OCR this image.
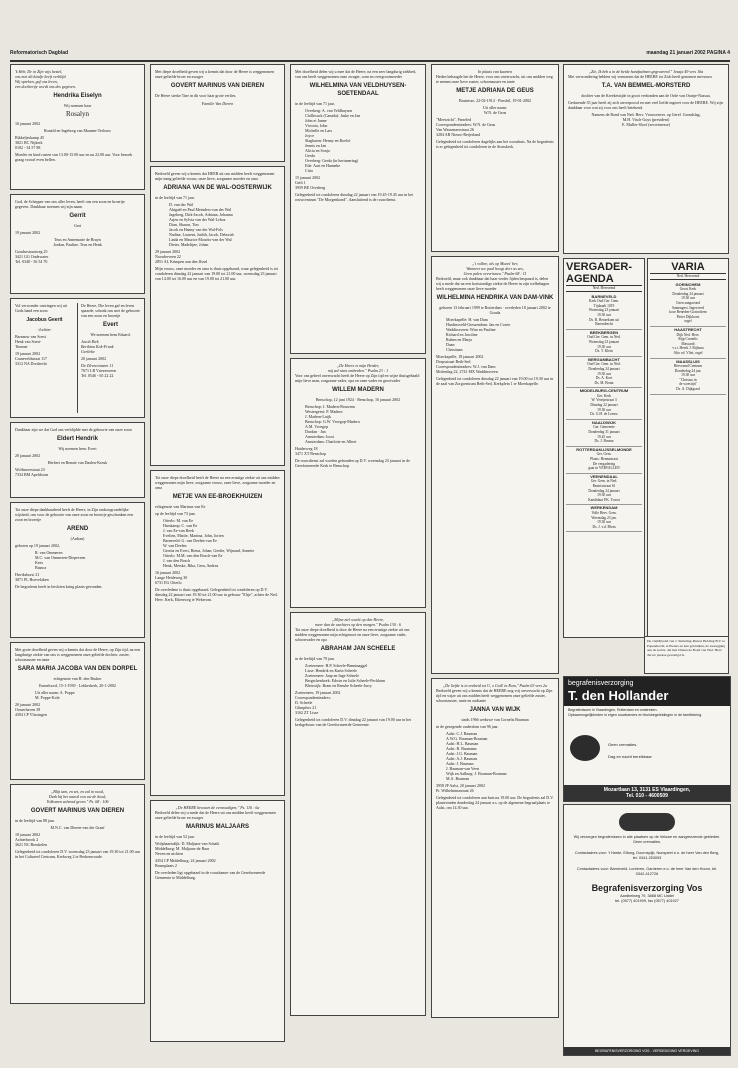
Reformatorisch Dagblad	maandag 21 januari 2002 PAGINA 4
'k Heb, De in Zijn wijs bestel,
ons met dit kindje heeft verblijd.
Wij spreken, gaf ons leven,
een dochtertje wordt ons des gegeven.
Hendrika Eiselyn
Wij noemen haar
Rosalyn

16 januari 2002

Ronald en Ingeborg van Maanen-Terlouw

Bikkeljeskamp 45
3821 BC Nijkerk
0182 - 34 57 88

Moeder en kind rusten van 13.00-15.00 uur en na 22.00 uur. Voor bezoek graag vooraf even bellen.

God, de Schepper van ons aller leven, heeft ons een zoon en broertje gegeven. Dankbaar noemen wij zijn naam
Gerrit
Gert

19 januari 2002

Teus en Annemarie de Bruyn
Jordan, Pauline, Teus en Henk

Goudsestraatweg 25
3421 GG Oudewater
Tel. 0348 - 56 54 70

Vol verwonder ontvingen wij uit Gods hand een zoon
Jacobus Geerit
-Jochim-

Barnauw van Soest
Henk van Soest-
Timmer

19 januari 2002
Craneveldstraat 117
3312 NA Dordrecht

De Heere, Die leven gaf en leven spaarde, schonk ons met de geboorte van een zoon en broertje
Evert
We noemen hem Eduard.

Jacob Riek
Berthina Kok-Frunk
Gerlieke

20 januari 2002

De Zilverroiaster 11
7671 LB Vriezenveen
Tel. 0546 - 65 22 22

Dankbaar zijn we dat God ons verblijdde met de geboorte van onze zoon
Eldert Hendrik
Wij noemen hem: Evert

20 januari 2002

Herbert en Renate van Daalen-Kreuk

Wolfmoerstraat 23
7334 BM Apeldoorn

Tot onze diepe dankbaarheid heeft de Heere, in Zijn ondoorgrondelijke wijsheid, ons voor de geboorte van onze zoon en broertje geschonken een zoon en broertje
AREND
(Ardian)

geboren op 19 januari 2002,

R. van Ommeren
M.C. van Ommeren-Diepeveen
Kees
Bianca

Havikshorst 21
3871 PL Hoevelaken

De begrafenis heeft in besloten kring plaats-gevonden.

Met grote droefheid geven wij u kennis dat door de Heere, op Zijn tijd, na een langdurige ziekte van ons is weggenomen onze geliefde dochter, zuster, schoonzuster en tante
SARA MARIA JACOBA VAN DEN DORPEL
echtgenote van H. den Bruker

Enmeloord, 15-1-1939 · Lekkerkerk, 20-1-2002

Uit aller naam: A. Poppe
M. Poppe-Kole

20 januari 2002
Oosterhaven 38
4394 CP Vlissingen

„Blijt tam, en zet, en zal in nood,
Dezh bij het naastl von uw de dood,
Volkomen zalvend geven." Ps. 68 : 106
GOVERT MARINUS VAN DIEREN

in de leeftijd van 88 jaar.

M.N.C. van Dieren-van der Graaf

18 januari 2002
Achterbrook 2
3621 NC Breukelen

Gelegenheid tot condoleren D.V. woensdag 23 januari van 19.30 tot 21.00 uur in het Cultureel Centrum, Kerkweg 2 te Berkenwoude.

Met diepe droefheid geven wij u kennis dat door de Heere is weggenomen onze geliefde broer en zwager
GOVERT MARINUS VAN DIEREN

De Heere sterke Tine in dit voor haar grote verlies.

Familie Van Dieren

Bedroefd geven wij u kennis dat HEER uit ons midden heeft weggenomen mijn innig geliefde vrouw, onze lieve, zorgzame moeder en oma
ADRIANA VAN DE WAL-OOSTERWIJK

in de leeftijd van 71 jaar.

D. van der Wal
Abigaël en Paul Meinders-van der Wal
Jagekerg, Dirk-Jacob, Adriana, Johanna
Arjen en Sylvia van der Wal-Leboz
Dian, Sharon, Tim
Jacob en Hanny van der Wal-Fols
Nadine, Laurent, Judith, Jacob, Deborah
Linda en Maurice Mourits-van der Wal
Dieter, Madelijne, Johan

29 januari 2002
Noorderveen 22
2851 AL Krimpen aan den IJssel

Mijn vrouw, onze moeder en oma is thuis opgebaard, waar gelegenheid is tot condoleren dinsdag 22 januari van 19.00 tot 21.00 uur, woensdag 23 januari van 14.00 tot 16.00 uur en van 19.00 tot 21.00 uur.

Tot onze diepe droefheid heeft de Heere na een ernstige ziekte uit ons midden weggenomen mijn lieve, zorgzame vrouw, onze lieve, zorgzame moeder en oma
METJE VAN EE-BROEKHUIZEN

echtgenote van Marinus van Ee

op de leeftijd van 73 jaar.

Otterlo: M. van Ee
Harskamp: C. van Ee
J. van Ee-van Beek
Evelien, Mattie, Martina, John, Jorien
Barneveld: G. van Deelen-van Ee
W. van Deelen
Gerrita en Evert, Riena, Johan, Gerdie, Wijnand, Annette
Otterlo: M.M. van den Bosch-van Ee
J. van den Bosch
Henk, Metske, Rika, Gera, Andrea

16 januari 2002
Lange Heideweg 30
6731 EG Otterlo

De overledene is thuis opgebaard. Gelegenheid tot condoleren op D.V. dinsdag 22 januari van 19.30 tot 21.00 uur in gebouw "Eltje", achter de Ned. Herv. Kerk, Eikenweg te Wekerom.

„De HEERE bewaart de eenvoudigen;" Ps. 116 : 6a
Bedroefd delen wij u mede dat de Heere uit ons midden heeft weggenomen onze geliefde broer en zwager
MARINUS MALJAARS

in de leeftijd van 52 jaar.

Wolphaartsdijk: D. Maljaars-van Schaik
Middelburg: M. Maljaars-de Baar
Neven en nichten

4354 CP Middelburg, 24 januari 2002
Brunsplaats 2

De overleden ligt opgebaard in de rouwkamer van de Gereformeerde Gemeente te Middelburg.

Met droefheid delen wij u mee dat de Heere, na een zeer langdurig ziekbed, van ons heeft weggenomen onze zwager, oom en overgrootmoeder
WILHELMINA VAN VELDHUYSEN-SOETENDAAL

in de leeftijd van 71 jaar.

Overberg: A. van Veldhuysen
Chilliwack (Canada): Jaske en Jan
John et Janne
Victoria, John
Michelle en Lars
Joyce
Slagharen: Henny en Roelof
Jennis en Jan
Alicia en Sonja
Gerda
Overberg: Gerda (in herinnering)
Ede: Aart en Hanneke
Citta

15 januari 2002
Grift 1
3959 BE Overberg

Gelegenheid tot condoleren dinsdag 22 januari van 19.45-19.45 uur in het rouwcentrum "De Morgenkond". Aansluitend is de rouwdienst.

„De Heere is mijn Herder,
mij zal niets ontbreken." Psalm 23 : 1
Voor ons geheel onverwacht heeft de Heere op Zijn tijd en wijze thuisgehaald mijn lieve man, zorgzame vader, opa en onze vader en grootvader
WILLEM MADERN

Benschop, 12 juni 1924 · Benschop, 16 januari 2002

Benschop: J. Madern-Bouwens
Westergeest: P. Madern
J. Madern-Luijk
Benschop: G.W. Vroegop-Madern
A.M. Vroegop
Durdan · Jan
Amsterdam: Joost
Amsterdam: Charlotte en Albert

Haiderweg 18
3471 XT Benschop

De rouwdienst zal worden gehouden op D.V. woensdag 23 januari in de Gereformeerde Kerk te Benschop.

„Mijne ziel wacht op den Heere,
meer dan de wachters op den morgen." Psalm 130 : 6
Tot onze diepe droefheid is door de Heere na een ernstige ziekte uit ons midden weggenomen mijn echtgenoot en onze lieve, zorgzame vader, schoonvader en opa
ABRAHAM JAN SCHEELE

in de leeftijd van 79 jaar.

Zoetermeer: H.P. Scheele-Benninaggel
Lisse: Hendrik en Karin Scheele
Zoetermeer: Jaap en Inge Scheele
Bergschenhoek: Edwin en Julie Scheele-Peckham
Bleiswijk: Bram en Renske Scheele-Jurry

Zoetermeer, 19 januari 2002
Correspondentieadres:
D. Scheele
Glimpfers 21
3162 ZT Lisse

Gelegenheid tot condoleren D.V. dinsdag 22 januari van 19.00 uur in het kerkgebouw van de Gereformeerde Gemeente.

In plaats van kaarten
Heden behaagde het de Heere, voor ons onverwacht, uit ons midden weg te nemen onze lieve zuster, schoonzuster en tante
METJE ADRIANA DE GEUS

Bruinisse, 22-02-1914 · Piershil, 19-01-2002

Uit aller naam:
W.N. de Geus

"Meerzicht", Parseled
Correspondentieadres: W.N. de Geus
Van Wassenaerstraat 26
3284 AB Nieuw-Beijerland

Gelegenheid tot condoleren dagelijks aan het woonhuis. Na de begrafenis is er gelegenheid tot condoleren in de Sionskerk.

„'t volbre, als op Mozes' ber,
Wanneer uw paal hoogt dorr as zes,
Geen palen ovevrinnen." Psalm 68 : 11
Bedroefd, maar ook dankbaar dat haar verder lijden bespaard is, delen wij u mede dat na een kortstondige ziekte de Heere in zijn welbehagen heeft weggenomen onze lieve moeder
WILHELMINA HENDRIKA VAN DAM-VINK

geboren 13 februari 1909 te Rotterdam · overleden 18 januari 2002 te Gouda

Moerkapelle: H. van Dam
Hardinxveld-Giessendam: Jan en Corrie
Waddinxveen: Wim en Pauline
Richard en Jacoline
Ruben en Marja
Daan
Christiaan

Moerkapelle, 18 januari 2002
Dorpsstraat Beth-Sed
Correspondentieadres: W.J. van Dam
Molentlag 22, 2741 MX Waddinxveen

Gelegenheid tot condoleren dinsdag 22 januari van 19.00 tot 19.30 uur in de zaal van Zorgcentrum Beth-Sed, Kerkplein 1 te Moerkapelle.

„De liefde is in eenheid tot U, o God! in Rom," Psalm 63 vers 2a
Bedroefd geven wij u kennis dat de HEERE nog vrij onverwacht op Zijn tijd en wijze uit ons midden heeft weggenomen onze geliefde zuster, schoonzuster, tante en oudtante
JANNA VAN WIJK

sinds 1966 weduwe van Cornelis Bauman

in de gezegende ouderdom van 96 jaar.

Aalst: C.J. Bauman
A.W.G. Bauman-Bouman
Aalst: H.L. Bauman
Aalst: B. Baumann
Aalst: J.G. Bauman
Aalst: A.J. Bauman
Aalst: J. Bauman
J. Bauman-van Veen
Wijk en Aalburg: J. Bouman-Bouman
M.A. Bouman

3958 JP Aalst, 20 januari 2002
Pr. Wilhelminastraat 26

Gelegenheid tot condoleren aan huis na 19.00 uur. De begrafenis zal D.V. plaatsvinden donderdag 24 januari a.s. op de algemene begraafplaats te Aalst, om 14.30 uur.

„Zie, Ik heb u in de beide handpalmen gegraveerd." Jesaja 49 vers 16a
Met verwondering hebben wij vernomen dat de HEERE tot Zich heeft genomen mevrouw
T.A. VAN BEMMEL-MORSTERD

dochter van de Kreeketzijde in groot verbonden aan de Orde van Oranje-Nassau.

Gedurende 35 jaar heeft zij zich onverpoosd en met veel liefde ingezet voor de HEERE. Wij zijn dankbaar voor wat zij voor ons heeft betekend.

Namens de Bond van Ned. Herv. Vrouwenver. op Geref. Grondslag,
M.H. Visch-Guys (president)
E. Muller-Sloof (secretaresse)

VERGADER-AGENDA
Ned. Hervormd
BARNEVELD
Kerk Oud Ger. Gem.
Tijdzaalt 1019
Woensdag 23 januari
19.30 uur
Ds. R. Beuzekom uit
Barendrecht
BEEKBERGEN
Oud Ger. Gem. in Ned.
Woensdag 23 januari
19.30 uur
Ds. T. Klein
BERGAMBACHT
Oud Ger. Gem. in Ned.
Donderdag 24 januari
19.30 uur
Ds. A. Kort
Ds. M. Bruin
MIDDELBURG-CENTRUM
Ger. Kerk
W. Verrijnstraat 3
Dinsdag 22 januari
19.30 uur
Ds. G.H. de Leeuw
NAALDWIJK
Ger. Gemeente
Donderdag 31 januari
19.45 uur
Ds. J. Bosma
ROTTERDAM-IJSSELMONDE
Ger. Gem.
Plaats: Hennastraat
De vergadering
gaat in VERVALLEN
VEENENDAAL
Ger. Gem. in Ned.
Beatrixstraat 61
Donderdag 24 januari
19.30 uur
Kandidaat P.K. Troost
WERKENDAM
Volle Herv. Gem.
Woensdag 23 jan.
19.30 uur
Ds. J. v.d. Blom
VARIA
Ned. Hervormd
GORINCHEM
Groot Kerk
Donderdag 24 januari
19.30 uur
Geen zangavond
Samengest. Ingevoerd
koor Beneden-Gorinchem
Pieter Dijkhorst
orgel
HAASTRECHT
Dijk Ned. Herv.
Rijp Cornelis
Massardt
v.t.t. Heerk J. Bijlsma
Alto vd. Vliet, orgel
MAASSLUIS
Hervormd Centrum
Donderdag 24 jan.
19.30 uur
"Christus in
de woestijn"
Ds. A. Dijkgraaf
De vrijblijvend van J. Siebeling-Pieters Holding B.V. te Papendrecht, is Pieters en kan gebruiken, de toezegging aan de Gebrs. dat hen binnen de Bond van Ned. Herv. die ter plaatse gevestigd is.
begrafenisverzorging
T. den Hollander
Begrafenissen in Vlaardingen, Rotterdam en omstreken.
Opbaarmogelijkheden in eigen rouwkamers en thuisbegeleidingen in de familiekring.
Geen crematies.
Dag en nacht bereikbaar
Mozartlaan 13, 3131 ES Vlaardingen,
Tel. 010 - 4600509
Wij verzorgen begrafenissen in alle plaatsen op de Veluwe en aangrenzende gebieden. Geen crematies.
Contactadres voor: 't Harde, Elburg, Doornspijk, Nunspeet e.o. de heer Van den Berg, tel. 0341-253093
Contactadres voor: Barneveld, Lunteren, Garderen e.o. de heer Van den Hoorn, tel. 0342-412726
Begrafenisverzorging Vos
Aardbeiweg 79, 3888 MC Uddel
tel. (0577) 401909, fax (0577) 401927
BEGRAFENISVERZORGING VOS - VERDEDIGING VERGEVING
